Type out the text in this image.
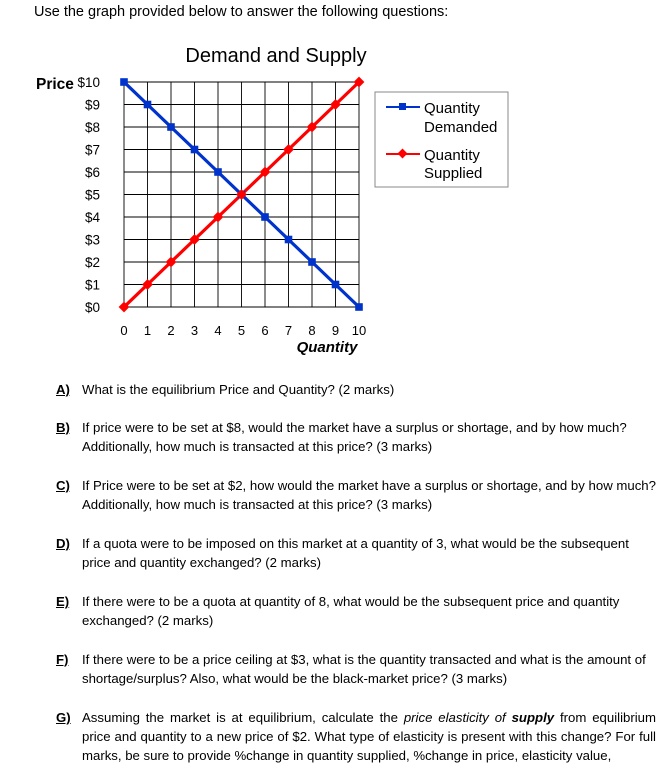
Use the graph provided below to answer the following questions:

Demand and Supply
Price
Quantity
$0
$1
$2
$3
$4
$5
$6
$7
$8
$9
$10
0 1 2 3 4 5 6 7 8 9 10
Quantity
Demanded
Quantity
Supplied
A) What is the equilibrium Price and Quantity? (2 marks)
B) If price were to be set at $8, would the market have a surplus or shortage, and by how much? Additionally, how much is transacted at this price? (3 marks)
C) If Price were to be set at $2, how would the market have a surplus or shortage, and by how much? Additionally, how much is transacted at this price? (3 marks)
D) If a quota were to be imposed on this market at a quantity of 3, what would be the subsequent price and quantity exchanged? (2 marks)
E) If there were to be a quota at quantity of 8, what would be the subsequent price and quantity exchanged? (2 marks)
F)	If there were to be a price ceiling at $3, what is the quantity transacted and what is the amount of shortage/surplus? Also, what would be the black-market price? (3 marks)
G) Assuming the market is at equilibrium, calculate the price elasticity of supply from equilibrium price and quantity to a new price of $2. What type of elasticity is present with this change? For full marks, be sure to provide %change in quantity supplied, %change in price, elasticity value,
